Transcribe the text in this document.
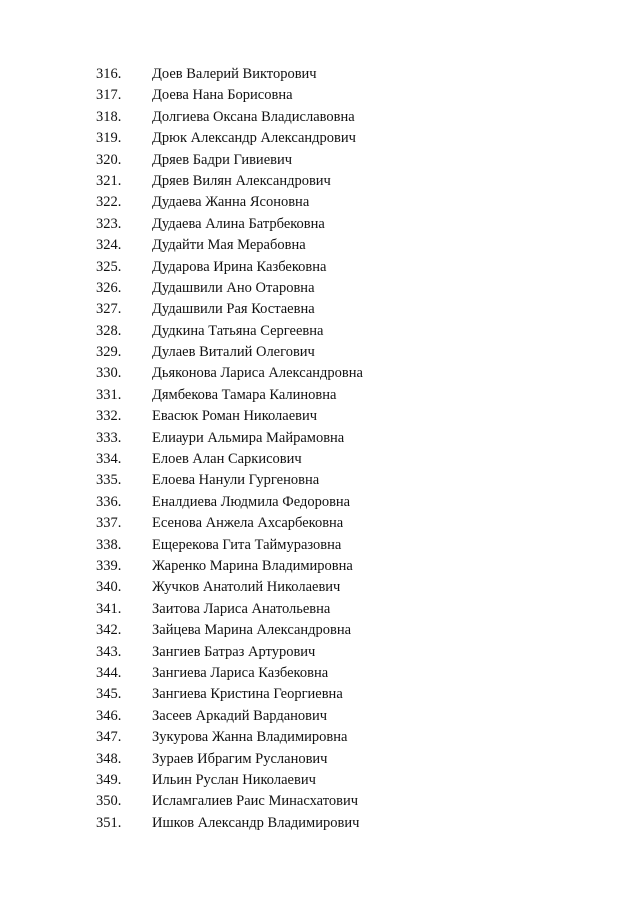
316. Доев Валерий Викторович
317. Доева Нана Борисовна
318. Долгиева Оксана Владиславовна
319. Дрюк Александр Александрович
320. Дряев Бадри Гивиевич
321. Дряев Вилян Александрович
322. Дудаева Жанна Ясоновна
323. Дудаева Алина Батрбековна
324. Дудайти Мая Мерабовна
325. Дударова Ирина Казбековна
326. Дудашвили Ано Отаровна
327. Дудашвили Рая Костаевна
328. Дудкина Татьяна Сергеевна
329. Дулаев Виталий Олегович
330. Дьяконова Лариса Александровна
331. Дямбекова Тамара Калиновна
332. Евасюк Роман Николаевич
333. Елиаури Альмира Майрамовна
334. Елоев Алан Саркисович
335. Елоева Нанули Гургеновна
336. Еналдиева Людмила Федоровна
337. Есенова Анжела Ахсарбековна
338. Ещерекова Гита Таймуразовна
339. Жаренко Марина Владимировна
340. Жучков Анатолий Николаевич
341. Заитова Лариса Анатольевна
342. Зайцева Марина Александровна
343. Зангиев Батраз Артурович
344. Зангиева Лариса Казбековна
345. Зангиева Кристина Георгиевна
346. Засеев Аркадий Варданович
347. Зукурова Жанна Владимировна
348. Зураев Ибрагим Русланович
349. Ильин Руслан Николаевич
350. Исламгалиев Раис Минасхатович
351. Ишков Александр Владимирович
